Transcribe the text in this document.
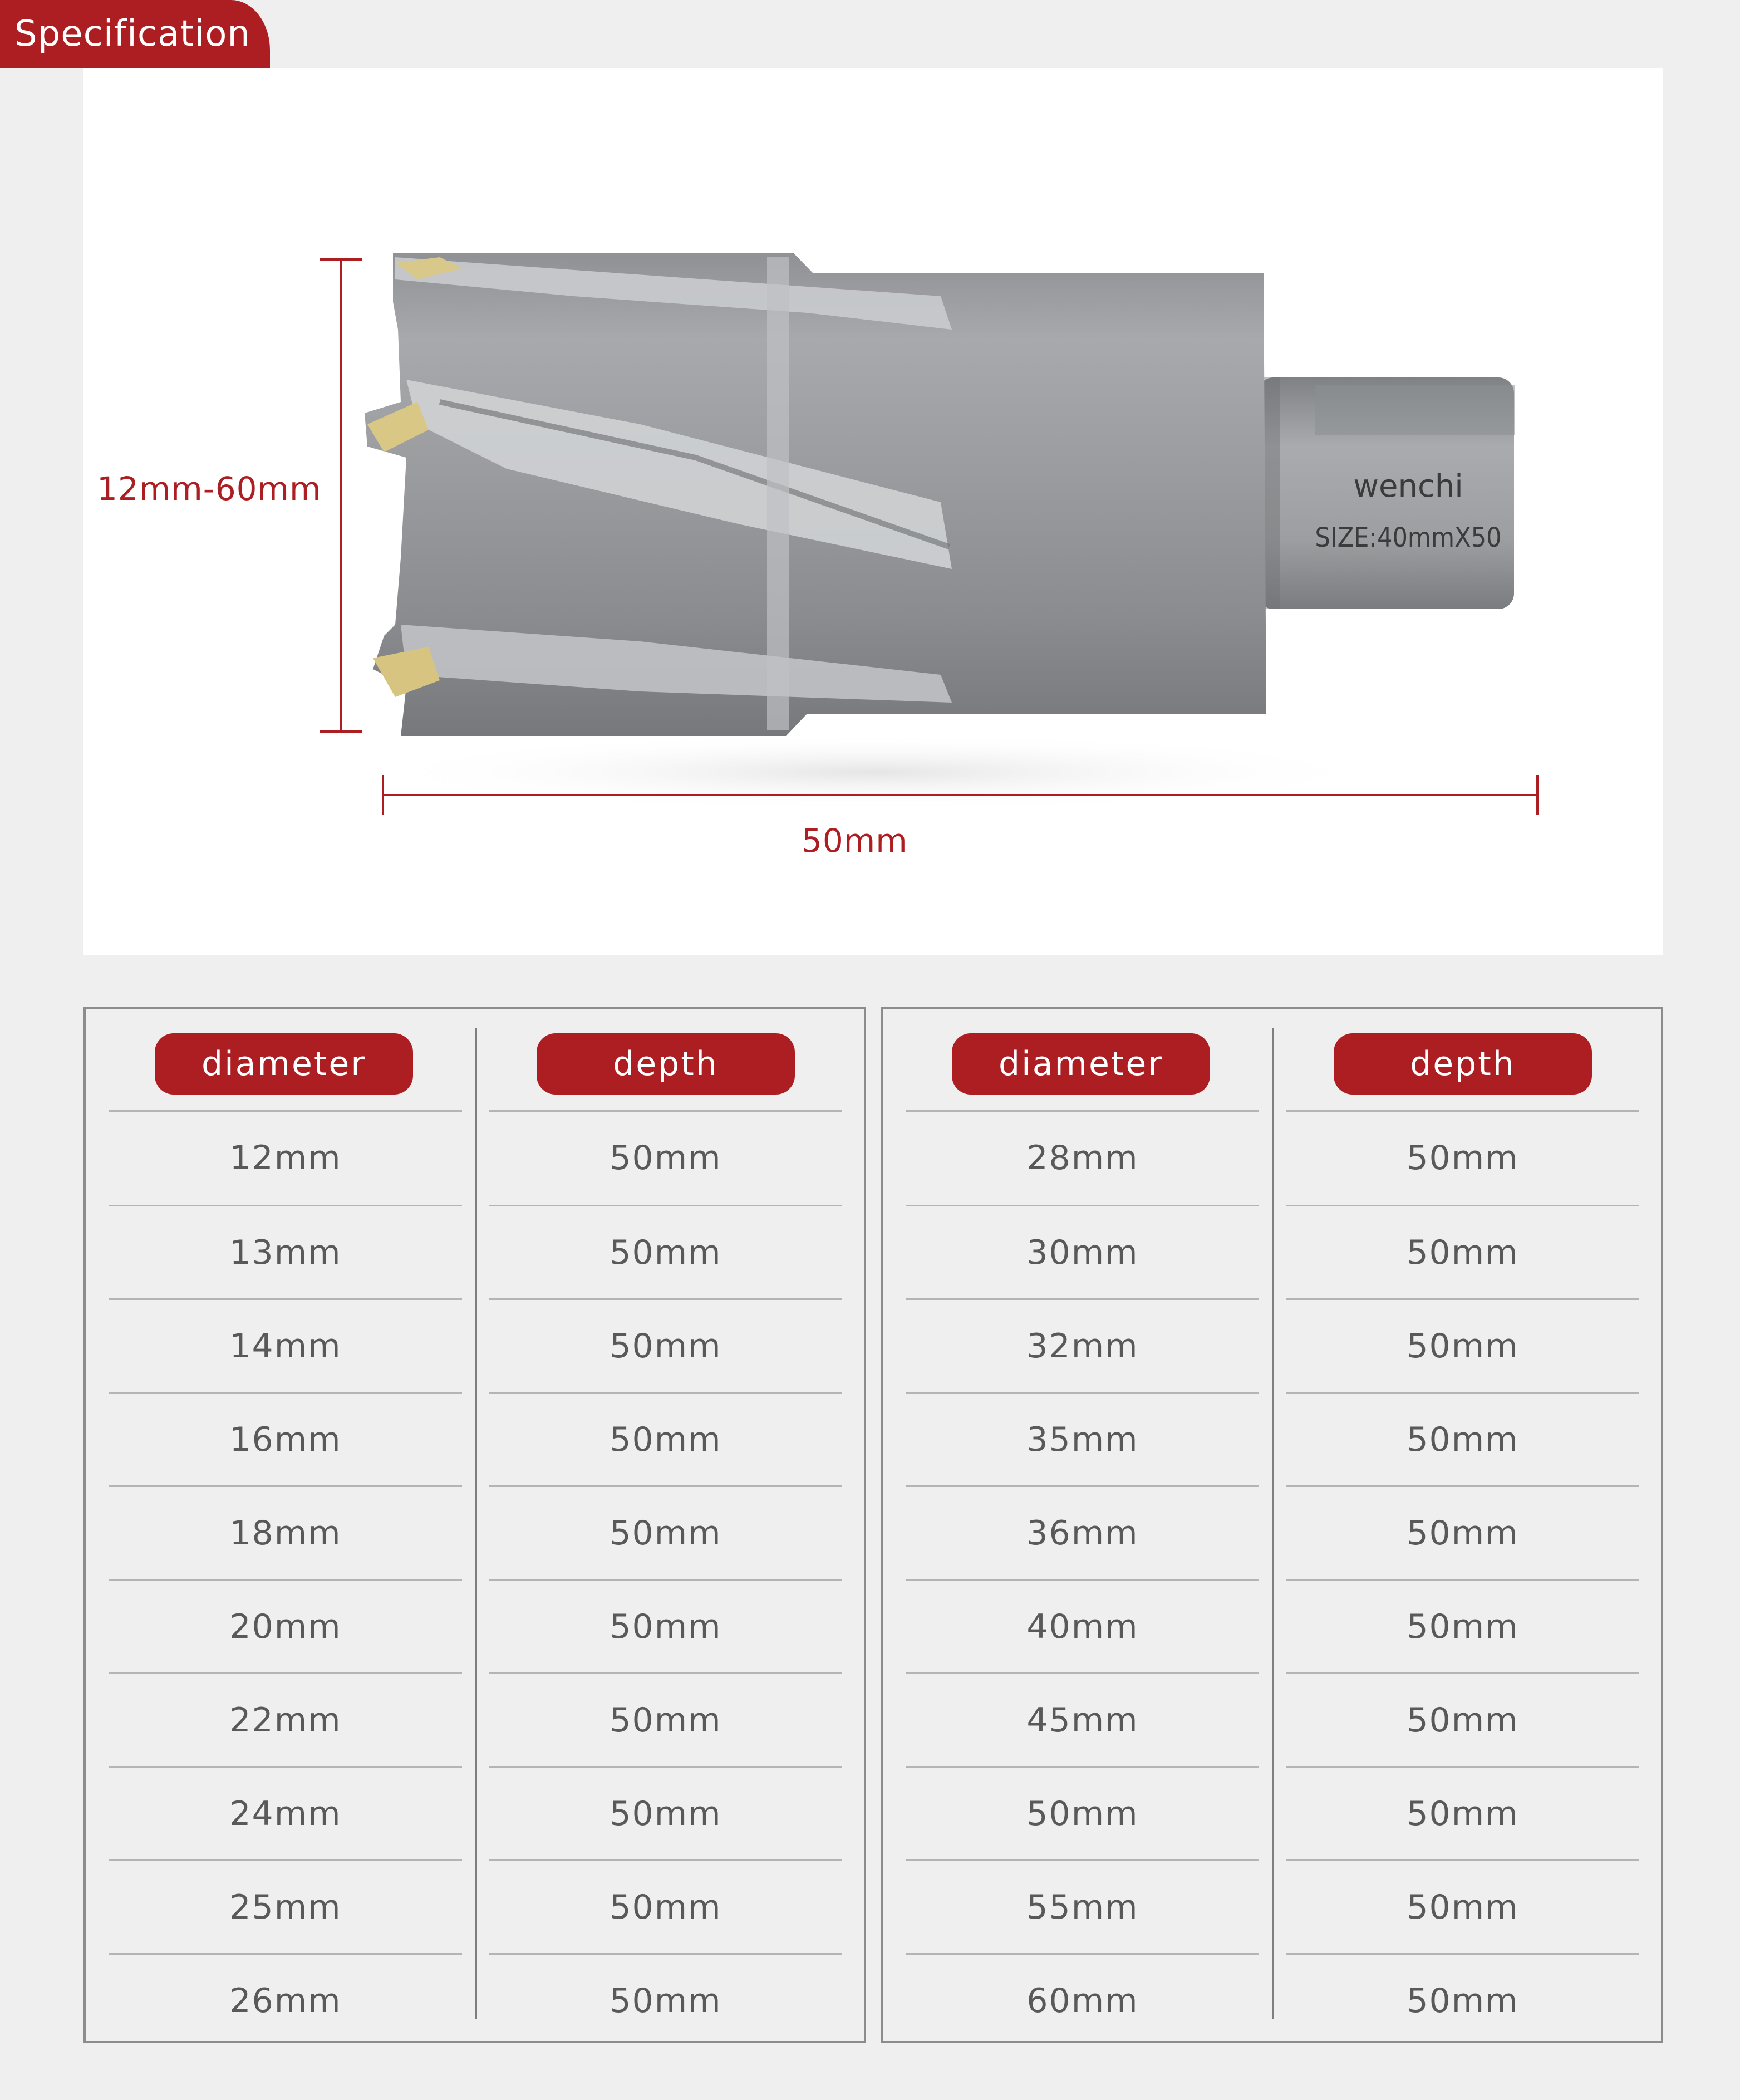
Specification
wenchi
SIZE:40mmX50
12mm-60mm
50mm
diameter
12mm
13mm
14mm
16mm
18mm
20mm
22mm
24mm
25mm
26mm
depth
50mm
50mm
50mm
50mm
50mm
50mm
50mm
50mm
50mm
50mm
diameter
28mm
30mm
32mm
35mm
36mm
40mm
45mm
50mm
55mm
60mm
depth
50mm
50mm
50mm
50mm
50mm
50mm
50mm
50mm
50mm
50mm
